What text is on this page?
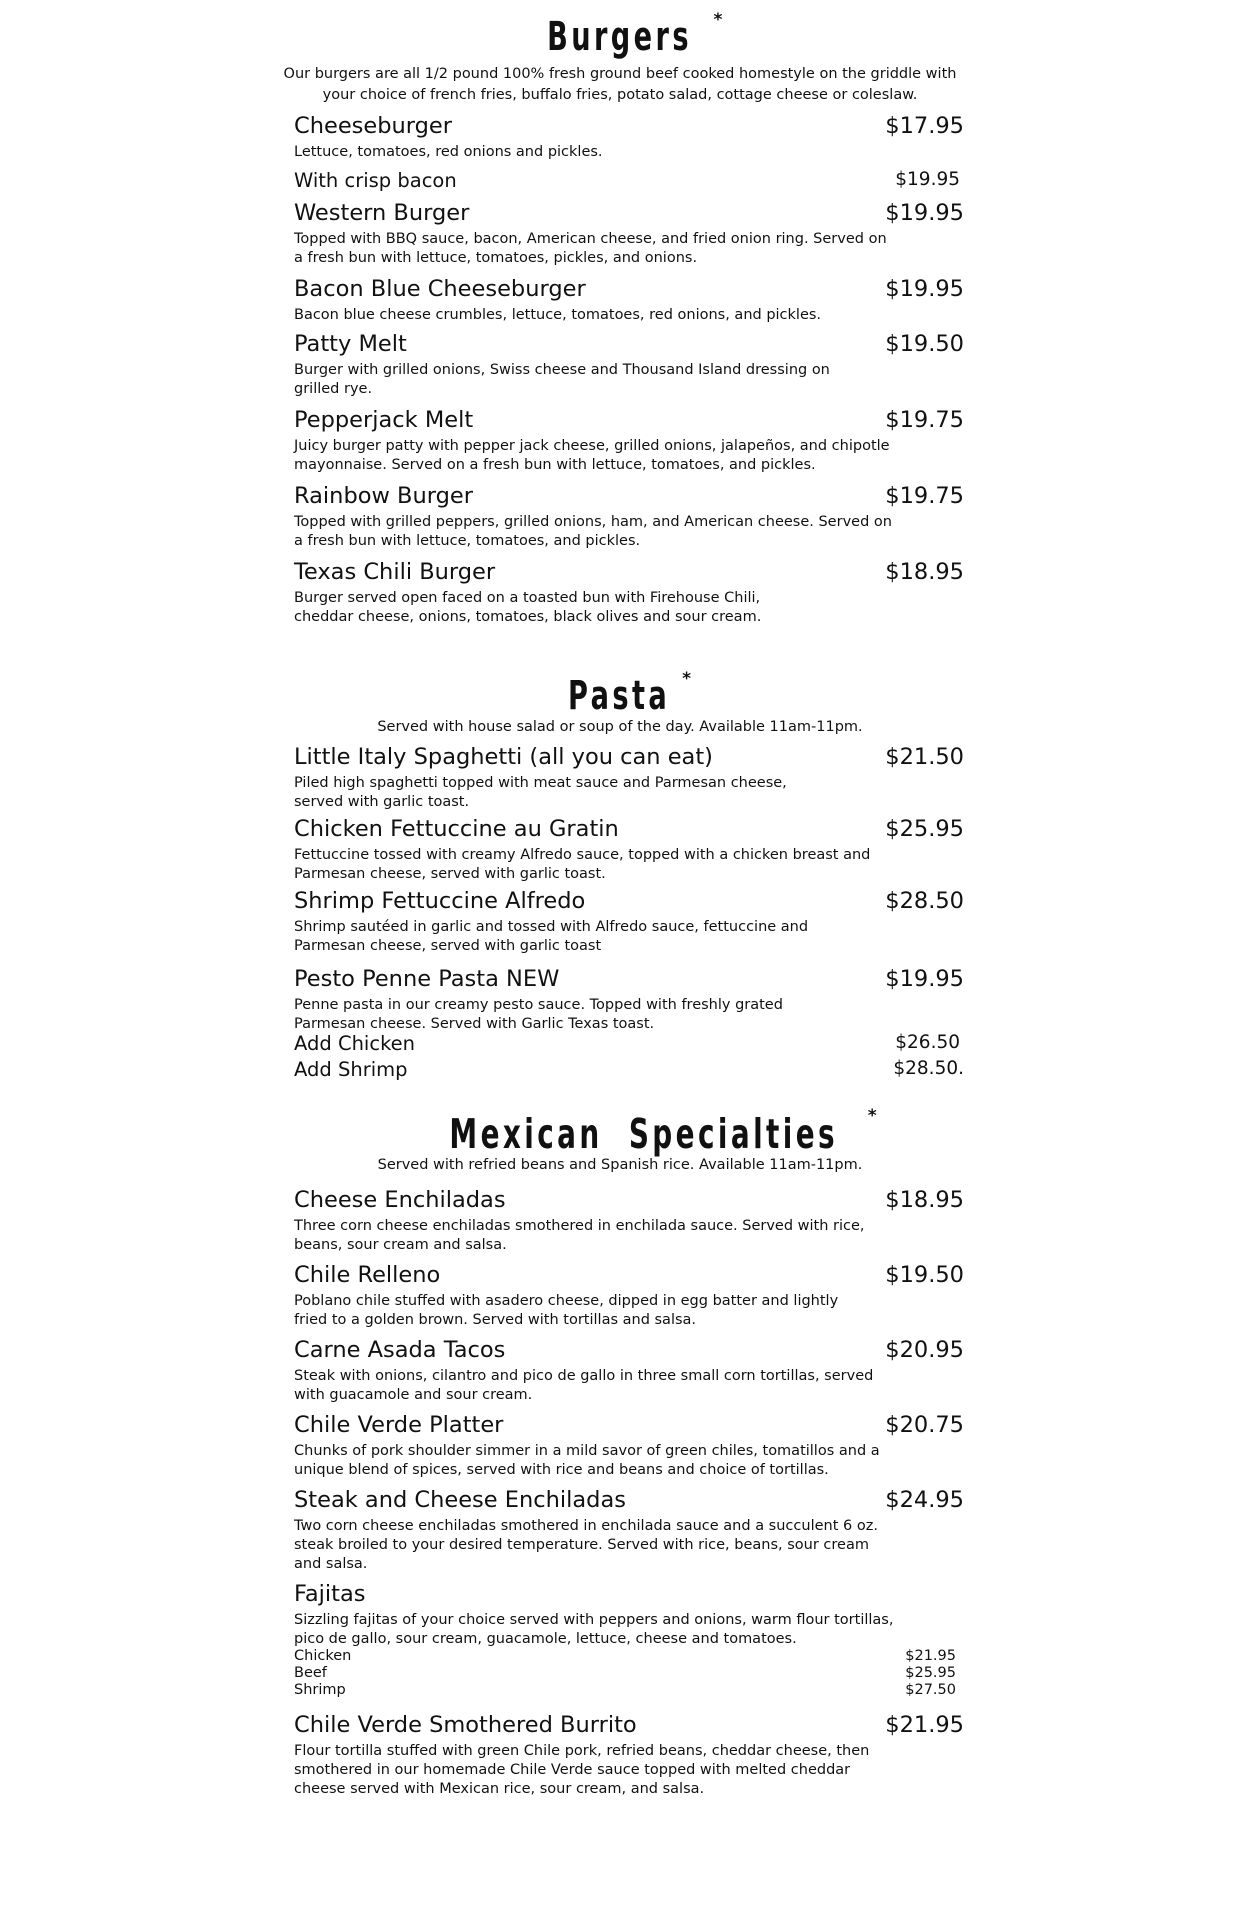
Burgers *
Our burgers are all 1/2 pound 100% fresh ground beef cooked homestyle on the griddle with your choice of french fries, buffalo fries, potato salad, cottage cheese or coleslaw.
Cheeseburger	$17.95
Lettuce, tomatoes, red onions and pickles.
With crisp bacon	$19.95
Western Burger	$19.95
Topped with BBQ sauce, bacon, American cheese, and fried onion ring. Served on a fresh bun with lettuce, tomatoes, pickles, and onions.
Bacon Blue Cheeseburger	$19.95
Bacon blue cheese crumbles, lettuce, tomatoes, red onions, and pickles.
Patty Melt	$19.50
Burger with grilled onions, Swiss cheese and Thousand Island dressing on grilled rye.
Pepperjack Melt	$19.75
Juicy burger patty with pepper jack cheese, grilled onions, jalapeños, and chipotle mayonnaise. Served on a fresh bun with lettuce, tomatoes, and pickles.
Rainbow Burger	$19.75
Topped with grilled peppers, grilled onions, ham, and American cheese. Served on a fresh bun with lettuce, tomatoes, and pickles.
Texas Chili Burger	$18.95
Burger served open faced on a toasted bun with Firehouse Chili, cheddar cheese, onions, tomatoes, black olives and sour cream.
Pasta *
Served with house salad or soup of the day. Available 11am-11pm.
Little Italy Spaghetti (all you can eat)	$21.50
Piled high spaghetti topped with meat sauce and Parmesan cheese, served with garlic toast.
Chicken Fettuccine au Gratin	$25.95
Fettuccine tossed with creamy Alfredo sauce, topped with a chicken breast and Parmesan cheese, served with garlic toast.
Shrimp Fettuccine Alfredo	$28.50
Shrimp sautéed in garlic and tossed with Alfredo sauce, fettuccine and Parmesan cheese, served with garlic toast
Pesto Penne Pasta NEW	$19.95
Penne pasta in our creamy pesto sauce. Topped with freshly grated Parmesan cheese. Served with Garlic Texas toast.
Add Chicken	$26.50
Add Shrimp	$28.50.
Mexican  Specialties *
Served with refried beans and Spanish rice. Available 11am-11pm.
Cheese Enchiladas	$18.95
Three corn cheese enchiladas smothered in enchilada sauce. Served with rice, beans, sour cream and salsa.
Chile Relleno	$19.50
Poblano chile stuffed with asadero cheese, dipped in egg batter and lightly fried to a golden brown. Served with tortillas and salsa.
Carne Asada Tacos	$20.95
Steak with onions, cilantro and pico de gallo in three small corn tortillas, served with guacamole and sour cream.
Chile Verde Platter	$20.75
Chunks of pork shoulder simmer in a mild savor of green chiles, tomatillos and a unique blend of spices, served with rice and beans and choice of tortillas.
Steak and Cheese Enchiladas	$24.95
Two corn cheese enchiladas smothered in enchilada sauce and a succulent 6 oz. steak broiled to your desired temperature. Served with rice, beans, sour cream and salsa.
Fajitas
Sizzling fajitas of your choice served with peppers and onions, warm flour tortillas, pico de gallo, sour cream, guacamole, lettuce, cheese and tomatoes.
Chicken	$21.95
Beef	$25.95
Shrimp	$27.50
Chile Verde Smothered Burrito	$21.95
Flour tortilla stuffed with green Chile pork, refried beans, cheddar cheese, then smothered in our homemade Chile Verde sauce topped with melted cheddar cheese served with Mexican rice, sour cream, and salsa.
